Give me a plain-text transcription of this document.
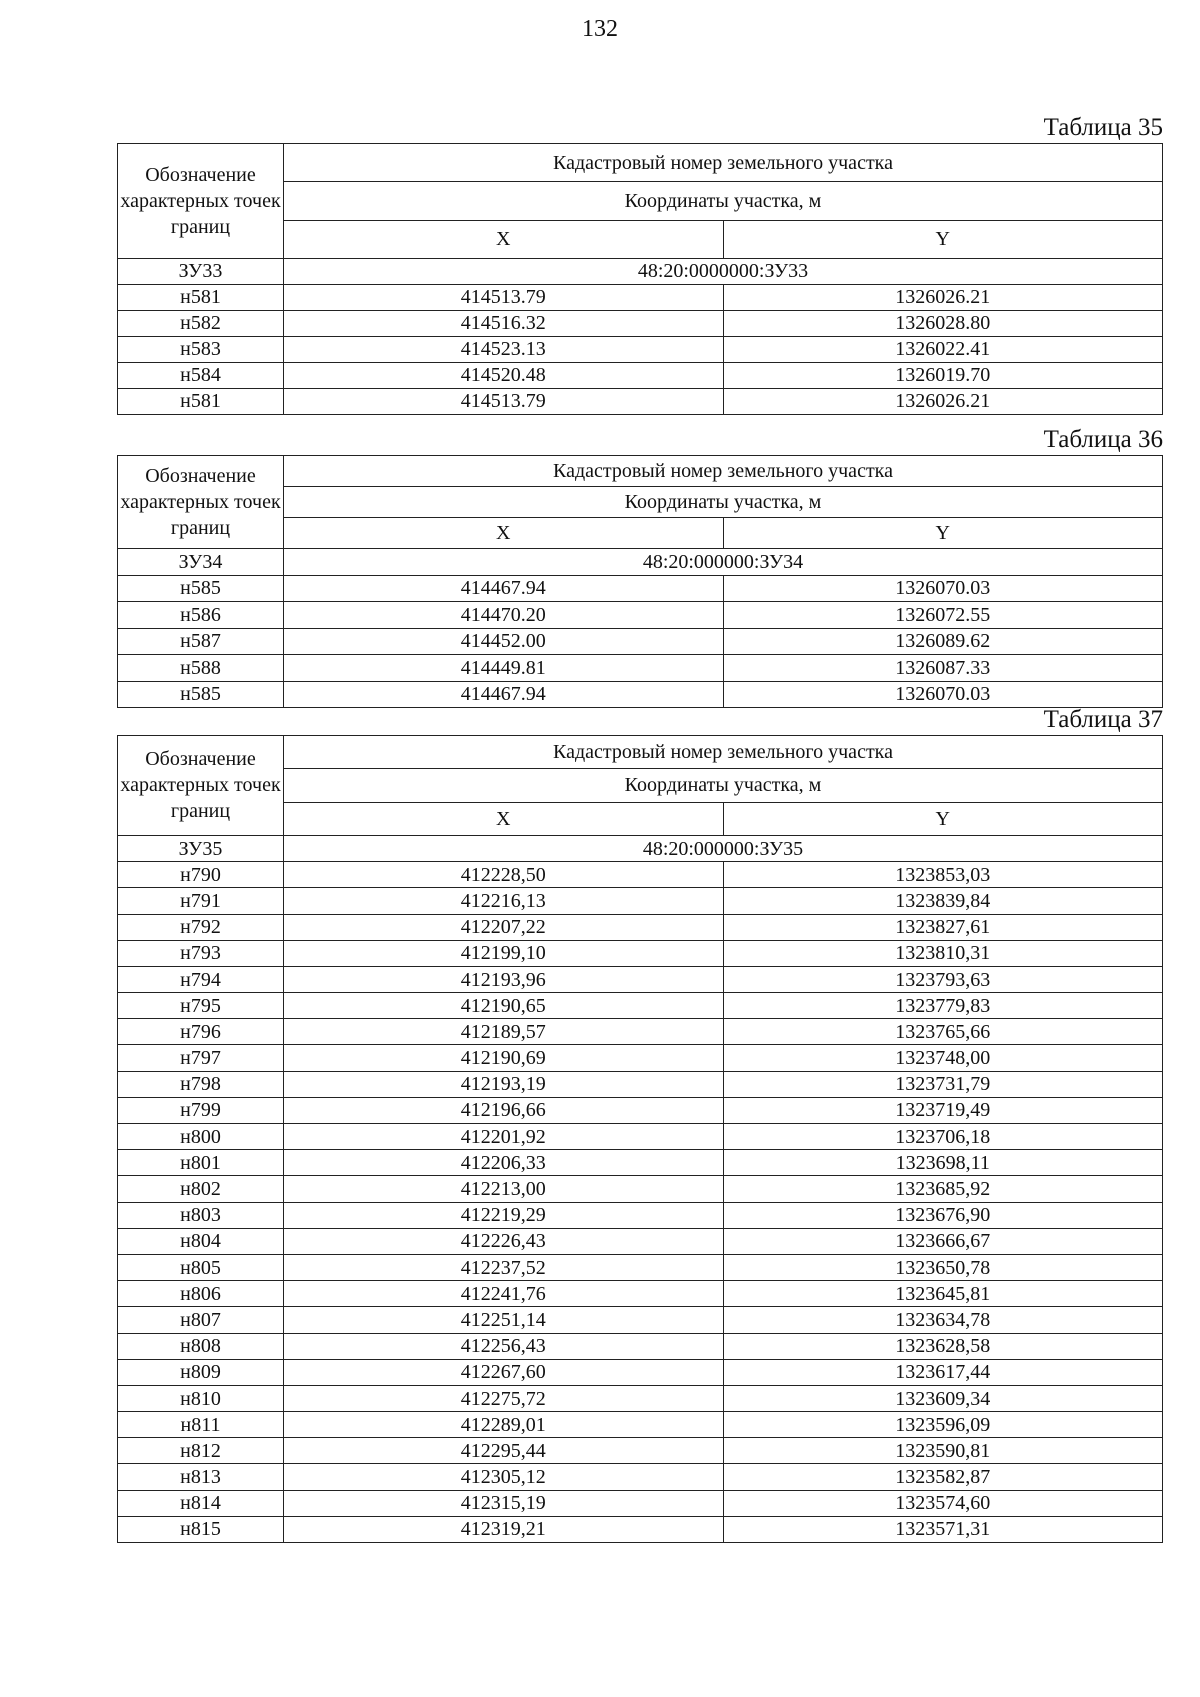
132
Таблица 35
Обозначение характерных точек границ	Кадастровый номер земельного участка	
	Координаты участка, м	
	X	Y
ЗУ33	48:20:0000000:ЗУ33	
н581	414513.79	1326026.21
н582	414516.32	1326028.80
н583	414523.13	1326022.41
н584	414520.48	1326019.70
н581	414513.79	1326026.21
Таблица 36
Обозначение характерных точек границ	Кадастровый номер земельного участка	
	Координаты участка, м	
	X	Y
ЗУ34	48:20:000000:ЗУ34	
н585	414467.94	1326070.03
н586	414470.20	1326072.55
н587	414452.00	1326089.62
н588	414449.81	1326087.33
н585	414467.94	1326070.03
Таблица 37
Обозначение характерных точек границ	Кадастровый номер земельного участка	
	Координаты участка, м	
	X	Y
ЗУ35	48:20:000000:ЗУ35	
н790	412228,50	1323853,03
н791	412216,13	1323839,84
н792	412207,22	1323827,61
н793	412199,10	1323810,31
н794	412193,96	1323793,63
н795	412190,65	1323779,83
н796	412189,57	1323765,66
н797	412190,69	1323748,00
н798	412193,19	1323731,79
н799	412196,66	1323719,49
н800	412201,92	1323706,18
н801	412206,33	1323698,11
н802	412213,00	1323685,92
н803	412219,29	1323676,90
н804	412226,43	1323666,67
н805	412237,52	1323650,78
н806	412241,76	1323645,81
н807	412251,14	1323634,78
н808	412256,43	1323628,58
н809	412267,60	1323617,44
н810	412275,72	1323609,34
н811	412289,01	1323596,09
н812	412295,44	1323590,81
н813	412305,12	1323582,87
н814	412315,19	1323574,60
н815	412319,21	1323571,31
